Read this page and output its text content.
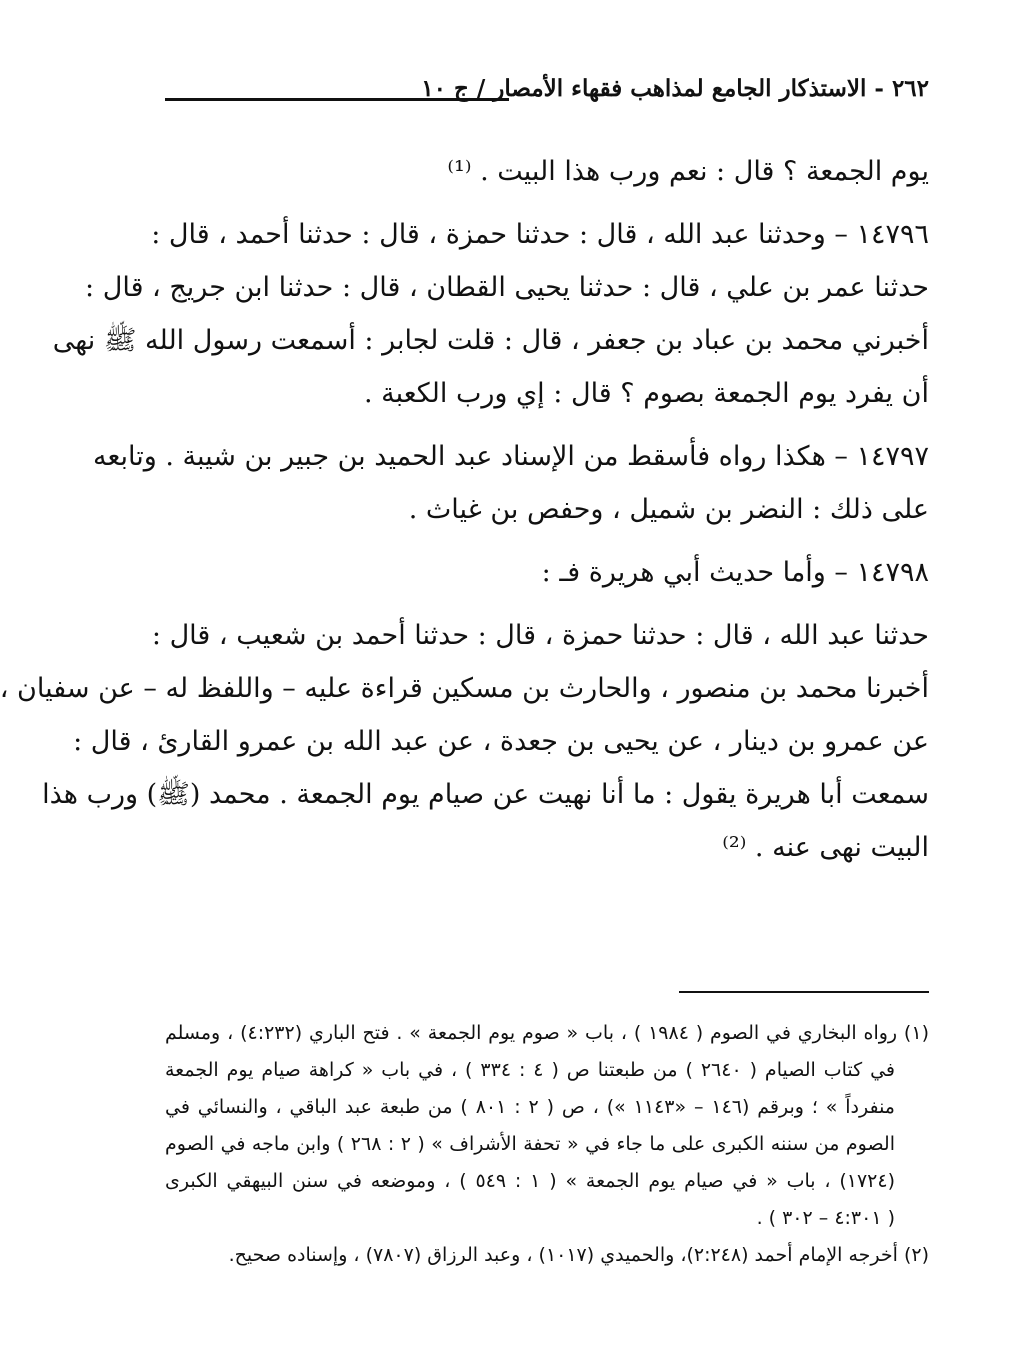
٢٦٢ - الاستذكار الجامع لمذاهب فقهاء الأمصار / ج ١٠
يوم الجمعة ؟ قال : نعم ورب هذا البيت . ⁽¹⁾
١٤٧٩٦ – وحدثنا عبد الله ، قال : حدثنا حمزة ، قال : حدثنا أحمد ، قال :
حدثنا عمر بن علي ، قال : حدثنا يحيى القطان ، قال : حدثنا ابن جريج ، قال :
أخبرني محمد بن عباد بن جعفر ، قال : قلت لجابر : أسمعت رسول الله ﷺ نهى
أن يفرد يوم الجمعة بصوم ؟ قال : إي ورب الكعبة .
١٤٧٩٧ – هكذا رواه فأسقط من الإسناد عبد الحميد بن جبير بن شيبة . وتابعه
على ذلك : النضر بن شميل ، وحفص بن غياث .
١٤٧٩٨ – وأما حديث أبي هريرة فـ :
حدثنا عبد الله ، قال : حدثنا حمزة ، قال : حدثنا أحمد بن شعيب ، قال :
أخبرنا محمد بن منصور ، والحارث بن مسكين قراءة عليه – واللفظ له – عن سفيان ،
عن عمرو بن دينار ، عن يحيى بن جعدة ، عن عبد الله بن عمرو القارئ ، قال :
سمعت أبا هريرة يقول : ما أنا نهيت عن صيام يوم الجمعة . محمد (ﷺ) ورب هذا
البيت نهى عنه . ⁽²⁾
(١) رواه البخاري في الصوم ( ١٩٨٤ ) ، باب « صوم يوم الجمعة » . فتح الباري (٤:٢٣٢) ، ومسلم
في كتاب الصيام ( ٢٦٤٠ ) من طبعتنا ص ( ٤ : ٣٣٤ ) ، في باب « كراهة صيام يوم الجمعة
منفرداً » ؛ وبرقم (١٤٦ – «١١٤٣ ») ، ص ( ٢ : ٨٠١ ) من طبعة عبد الباقي ، والنسائي في
الصوم من سننه الكبرى على ما جاء في « تحفة الأشراف » ( ٢ : ٢٦٨ ) وابن ماجه في الصوم
(١٧٢٤) ، باب « في صيام يوم الجمعة » ( ١ : ٥٤٩ ) ، وموضعه في سنن البيهقي الكبرى
( ٤:٣٠١ – ٣٠٢ ) .
(٢) أخرجه الإمام أحمد (٢:٢٤٨)، والحميدي (١٠١٧) ، وعبد الرزاق (٧٨٠٧) ، وإسناده صحيح.
